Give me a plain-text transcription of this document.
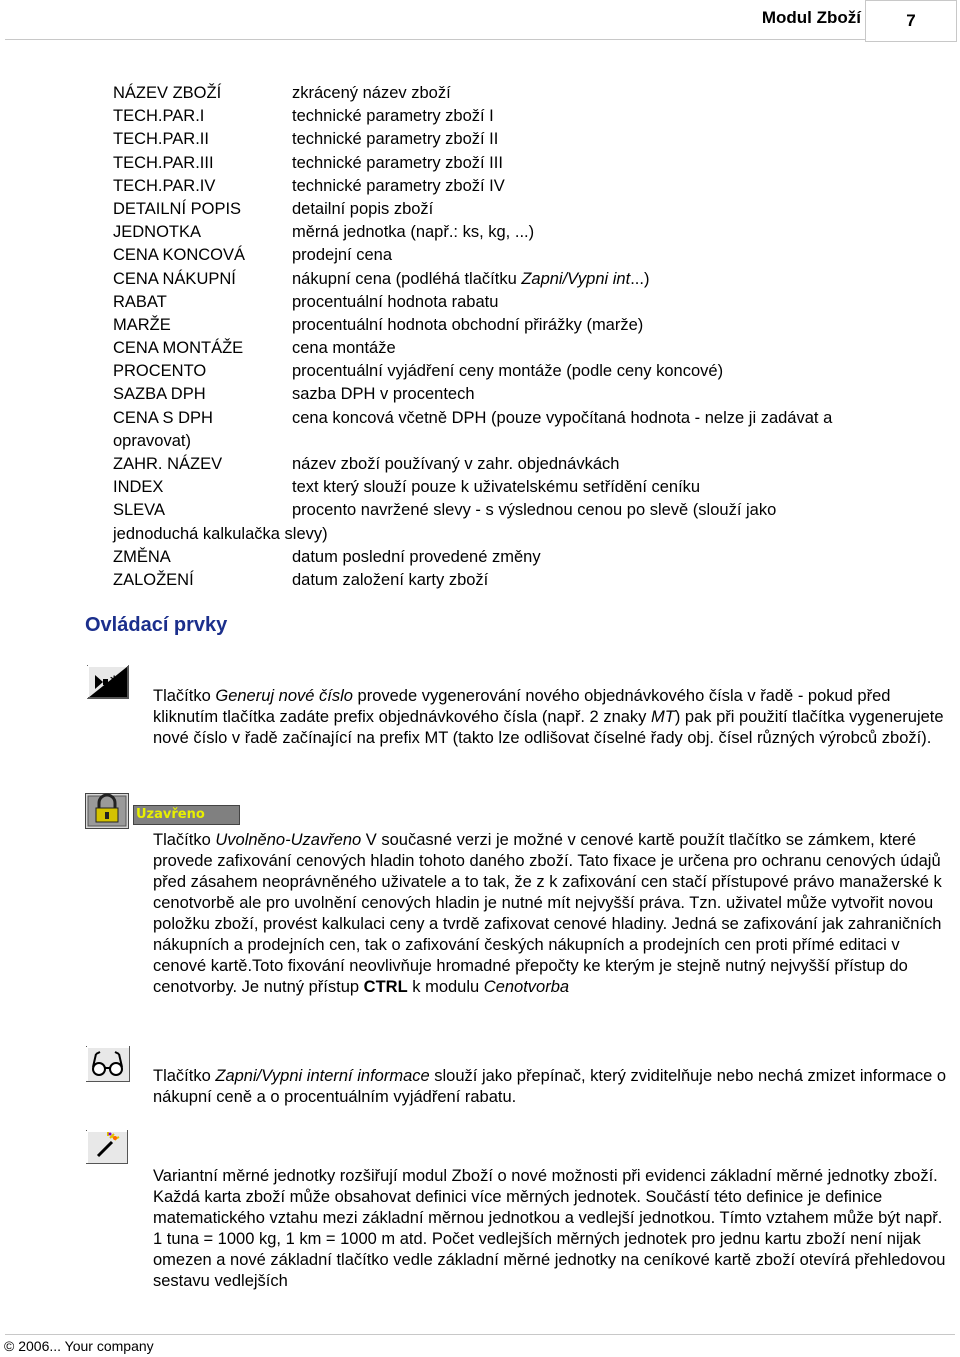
Modul Zboží	7
NÁZEV ZBOŽÍ	zkrácený název zboží
TECH.PAR.I	technické parametry zboží I
TECH.PAR.II	technické parametry zboží II
TECH.PAR.III	technické parametry zboží III
TECH.PAR.IV	technické parametry zboží IV
DETAILNÍ POPIS	detailní popis zboží
JEDNOTKA	měrná jednotka (např.: ks, kg, ...)
CENA KONCOVÁ	prodejní cena
CENA NÁKUPNÍ	nákupní cena (podléhá tlačítku Zapni/Vypni int...)
RABAT	procentuální hodnota rabatu
MARŽE	procentuální hodnota obchodní přirážky (marže)
CENA MONTÁŽE	cena montáže
PROCENTO	procentuální vyjádření ceny montáže (podle ceny koncové)
SAZBA DPH	sazba DPH v procentech
CENA S DPH	cena koncová včetně DPH (pouze vypočítaná hodnota - nelze ji zadávat a
opravovat)
ZAHR. NÁZEV	název zboží používaný v zahr. objednávkách
INDEX	text který slouží pouze k uživatelskému setřídění ceníku
SLEVA	procento navržené slevy - s výslednou cenou po slevě (slouží jako
jednoduchá kalkulačka slevy)
ZMĚNA	datum poslední provedené změny
ZALOŽENÍ	datum založení karty zboží
Ovládací prvky
*
Tlačítko Generuj nové číslo provede vygenerování nového objednávkového čísla v řadě - pokud před kliknutím tlačítka zadáte prefix objednávkového čísla (např. 2 znaky MT) pak při použití tlačítka vygenerujete nové číslo v řadě začínající na prefix MT (takto lze odlišovat číselné řady obj. čísel různých výrobců zboží).
Uzavřeno
Tlačítko Uvolněno-Uzavřeno V současné verzi je možné v cenové kartě použít tlačítko se zámkem, které provede zafixování cenových hladin tohoto daného zboží. Tato fixace je určena pro ochranu cenových údajů před zásahem neoprávněného uživatele a to tak, že z k zafixování cen stačí přístupové právo manažerské k cenotvorbě ale pro uvolnění cenových hladin je nutné mít nejvyšší práva. Tzn. uživatel může vytvořit novou položku zboží, provést kalkulaci ceny a tvrdě zafixovat cenové hladiny. Jedná se zafixování jak zahraničních nákupních a prodejních cen, tak o zafixování českých nákupních a prodejních cen proti přímé editaci v cenové kartě.Toto fixování neovlivňuje hromadné přepočty ke kterým je stejně nutný nejvyšší přístup do cenotvorby. Je nutný přístup CTRL k modulu Cenotvorba
Tlačítko Zapni/Vypni interní informace slouží jako přepínač, který zviditelňuje nebo nechá zmizet informace o nákupní ceně a o procentuálním vyjádření rabatu.
Variantní měrné jednotky rozšiřují modul Zboží o nové možnosti při evidenci základní měrné jednotky zboží. Každá karta zboží může obsahovat definici více měrných jednotek. Součástí této definice je definice matematického vztahu mezi základní měrnou jednotkou a vedlejší jednotkou. Tímto vztahem může být např. 1 tuna = 1000 kg, 1 km = 1000 m atd. Počet vedlejších měrných jednotek pro jednu kartu zboží není nijak omezen a nové základní tlačítko vedle základní měrné jednotky na ceníkové kartě zboží otevírá přehledovou sestavu vedlejších
© 2006... Your company
